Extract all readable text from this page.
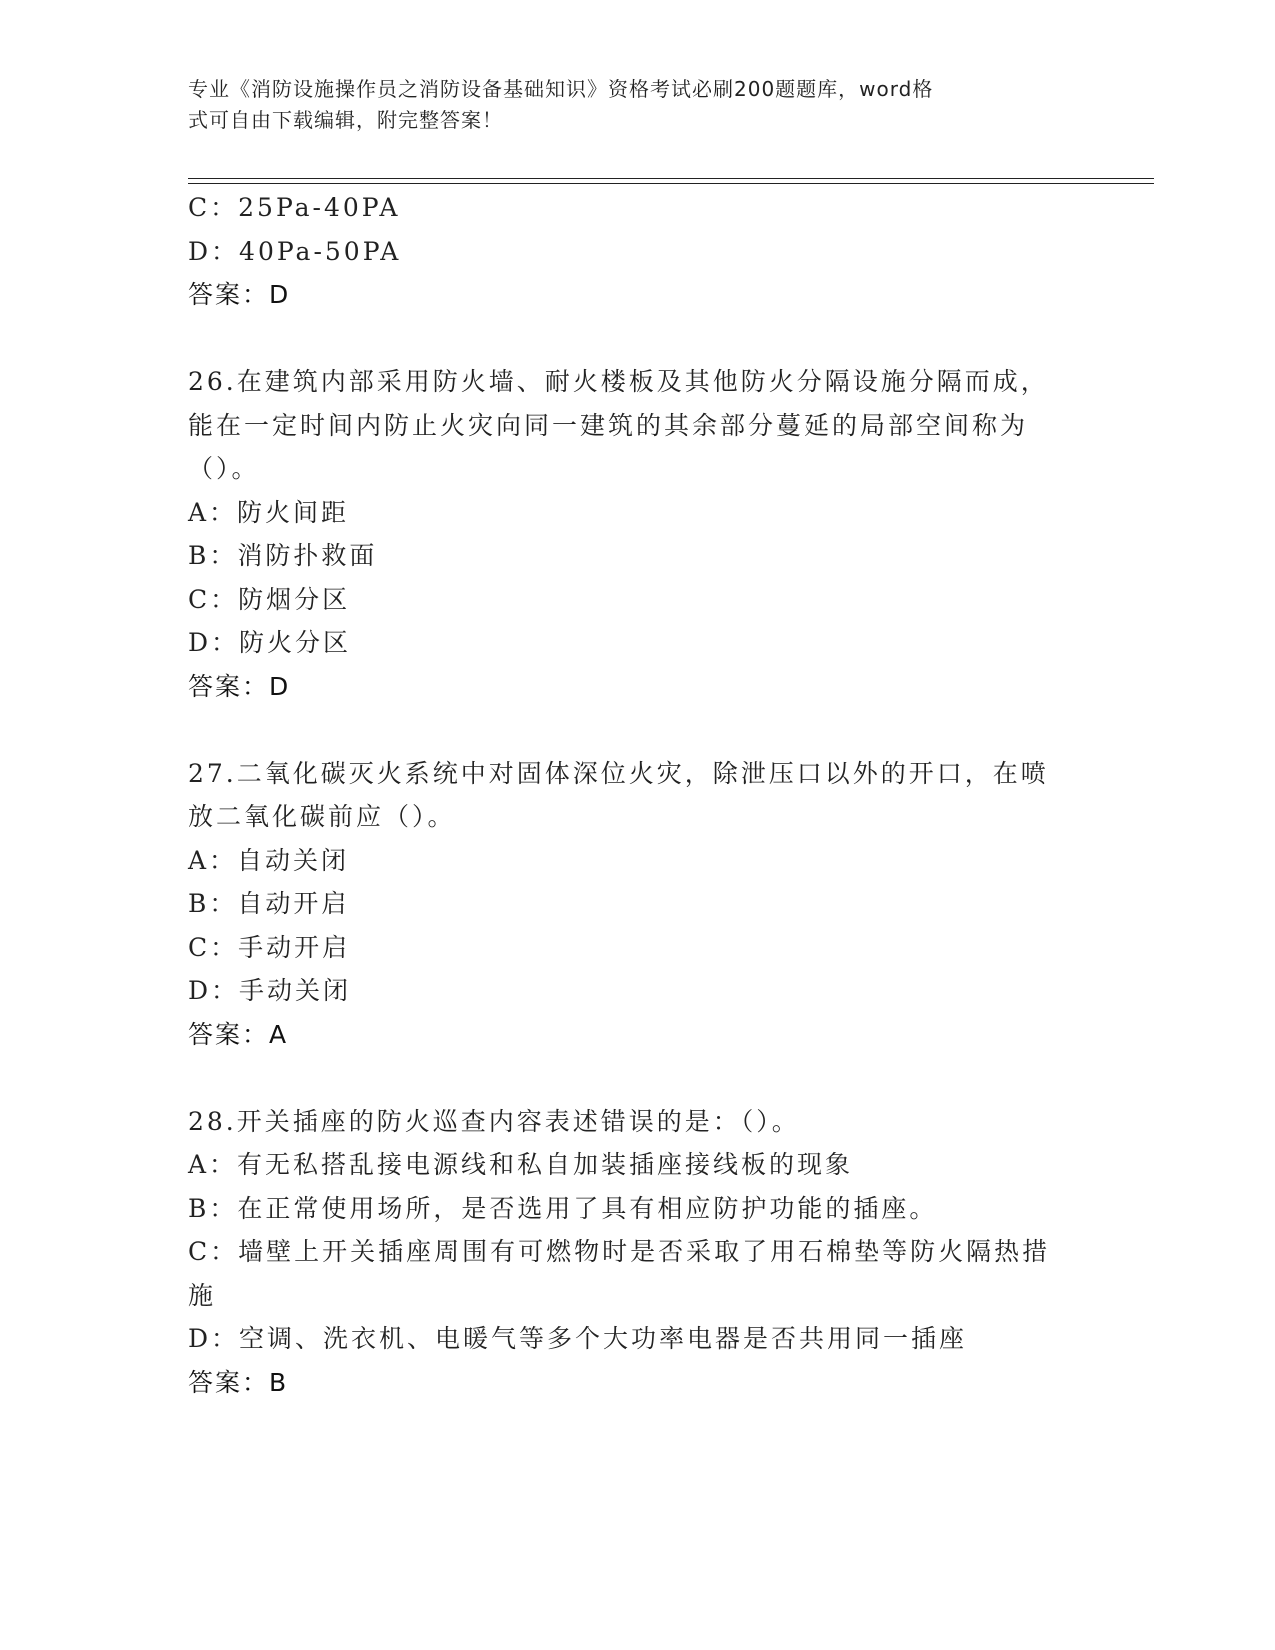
专业《消防设施操作员之消防设备基础知识》资格考试必刷200题题库，word格
式可自由下载编辑，附完整答案！
C：25Pa-40PA
D：40Pa-50PA
答案：D
26.在建筑内部采用防火墙、耐火楼板及其他防火分隔设施分隔而成，
能在一定时间内防止火灾向同一建筑的其余部分蔓延的局部空间称为
（）。
A：防火间距
B：消防扑救面
C：防烟分区
D：防火分区
答案：D
27.二氧化碳灭火系统中对固体深位火灾，除泄压口以外的开口，在喷
放二氧化碳前应（）。
A：自动关闭
B：自动开启
C：手动开启
D：手动关闭
答案：A
28.开关插座的防火巡查内容表述错误的是：（）。
A：有无私搭乱接电源线和私自加装插座接线板的现象
B：在正常使用场所，是否选用了具有相应防护功能的插座。
C：墙壁上开关插座周围有可燃物时是否采取了用石棉垫等防火隔热措
施
D：空调、洗衣机、电暖气等多个大功率电器是否共用同一插座
答案：B
